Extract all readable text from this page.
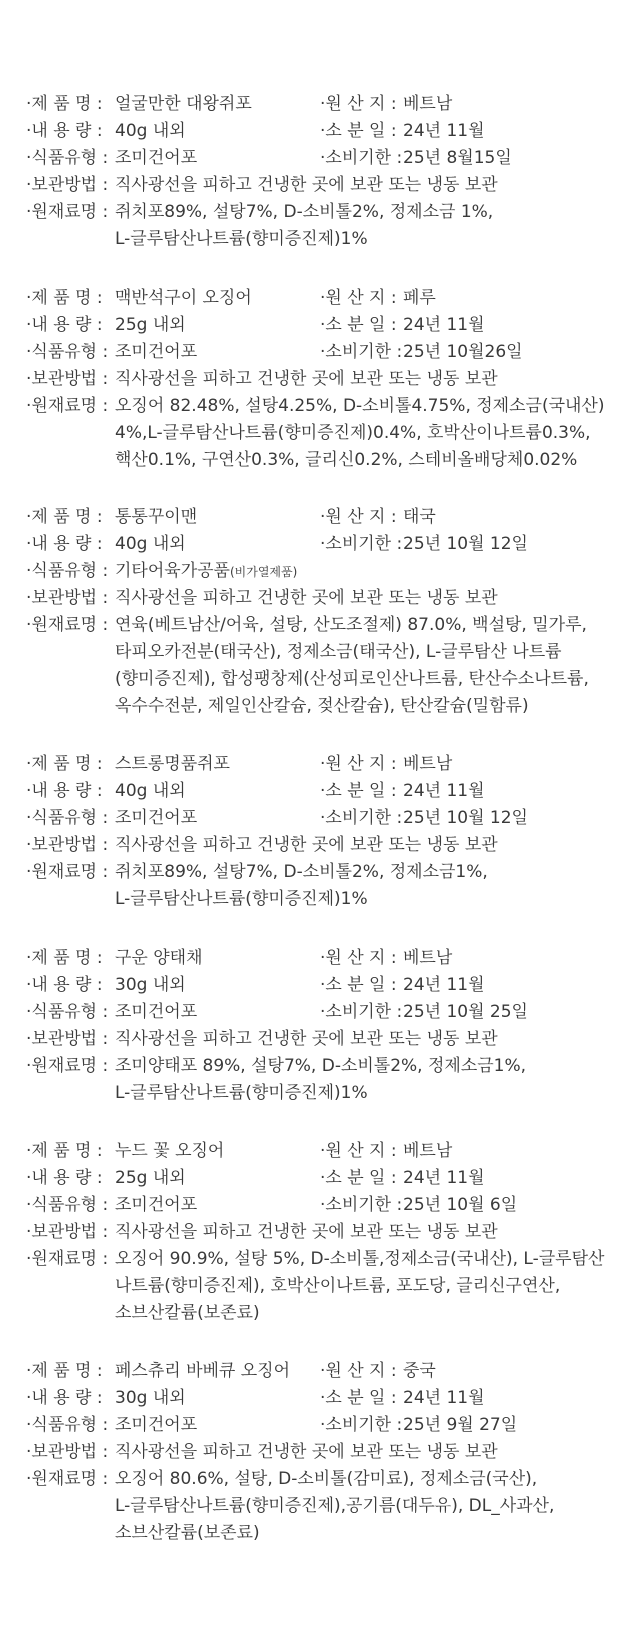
·제 품 명 : 얼굴만한 대왕쥐포	·원 산 지 : 베트남
·내 용 량 : 40g 내외	·소 분 일 : 24년 11월
·식품유형 : 조미건어포	·소비기한 : 25년 8월15일
·보관방법 : 직사광선을 피하고 건냉한 곳에 보관 또는 냉동 보관
·원재료명 : 쥐치포89%, 설탕7%, D-소비톨2%, 정제소금 1%,
L-글루탐산나트륨(향미증진제)1%
·제 품 명 : 맥반석구이 오징어	·원 산 지 : 페루
·내 용 량 : 25g 내외	·소 분 일 : 24년 11월
·식품유형 : 조미건어포	·소비기한 : 25년 10월26일
·보관방법 : 직사광선을 피하고 건냉한 곳에 보관 또는 냉동 보관
·원재료명 : 오징어 82.48%, 설탕4.25%, D-소비톨4.75%, 정제소금(국내산)
4%,L-글루탐산나트륨(향미증진제)0.4%, 호박산이나트륨0.3%,
핵산0.1%, 구연산0.3%, 글리신0.2%, 스테비올배당체0.02%
·제 품 명 : 통통꾸이맨	·원 산 지 : 태국
·내 용 량 : 40g 내외	·소비기한 : 25년 10월 12일
·식품유형 : 기타어육가공품(비가열제품)
·보관방법 : 직사광선을 피하고 건냉한 곳에 보관 또는 냉동 보관
·원재료명 : 연육(베트남산/어육, 설탕, 산도조절제) 87.0%, 백설탕, 밀가루,
타피오카전분(태국산), 정제소금(태국산), L-글루탐산 나트륨
(향미증진제), 합성팽창제(산성피로인산나트륨, 탄산수소나트륨,
옥수수전분, 제일인산칼슘, 젖산칼슘), 탄산칼슘(밀함류)
·제 품 명 : 스트롱명품쥐포	·원 산 지 : 베트남
·내 용 량 : 40g 내외	·소 분 일 : 24년 11월
·식품유형 : 조미건어포	·소비기한 : 25년 10월 12일
·보관방법 : 직사광선을 피하고 건냉한 곳에 보관 또는 냉동 보관
·원재료명 : 쥐치포89%, 설탕7%, D-소비톨2%, 정제소금1%,
L-글루탐산나트륨(향미증진제)1%
·제 품 명 : 구운 양태채	·원 산 지 : 베트남
·내 용 량 : 30g 내외	·소 분 일 : 24년 11월
·식품유형 : 조미건어포	·소비기한 : 25년 10월 25일
·보관방법 : 직사광선을 피하고 건냉한 곳에 보관 또는 냉동 보관
·원재료명 : 조미양태포 89%, 설탕7%, D-소비톨2%, 정제소금1%,
L-글루탐산나트륨(향미증진제)1%
·제 품 명 : 누드 꽃 오징어	·원 산 지 : 베트남
·내 용 량 : 25g 내외	·소 분 일 : 24년 11월
·식품유형 : 조미건어포	·소비기한 : 25년 10월 6일
·보관방법 : 직사광선을 피하고 건냉한 곳에 보관 또는 냉동 보관
·원재료명 : 오징어 90.9%, 설탕 5%, D-소비톨,정제소금(국내산), L-글루탐산
나트륨(향미증진제), 호박산이나트륨, 포도당, 글리신구연산,
소브산칼륨(보존료)
·제 품 명 : 페스츄리 바베큐 오징어 ·원 산 지 : 중국
·내 용 량 : 30g 내외	·소 분 일 : 24년 11월
·식품유형 : 조미건어포	·소비기한 : 25년 9월 27일
·보관방법 : 직사광선을 피하고 건냉한 곳에 보관 또는 냉동 보관
·원재료명 : 오징어 80.6%, 설탕, D-소비톨(감미료), 정제소금(국산),
L-글루탐산나트륨(향미증진제),공기름(대두유), DL_사과산,
소브산칼륨(보존료)
